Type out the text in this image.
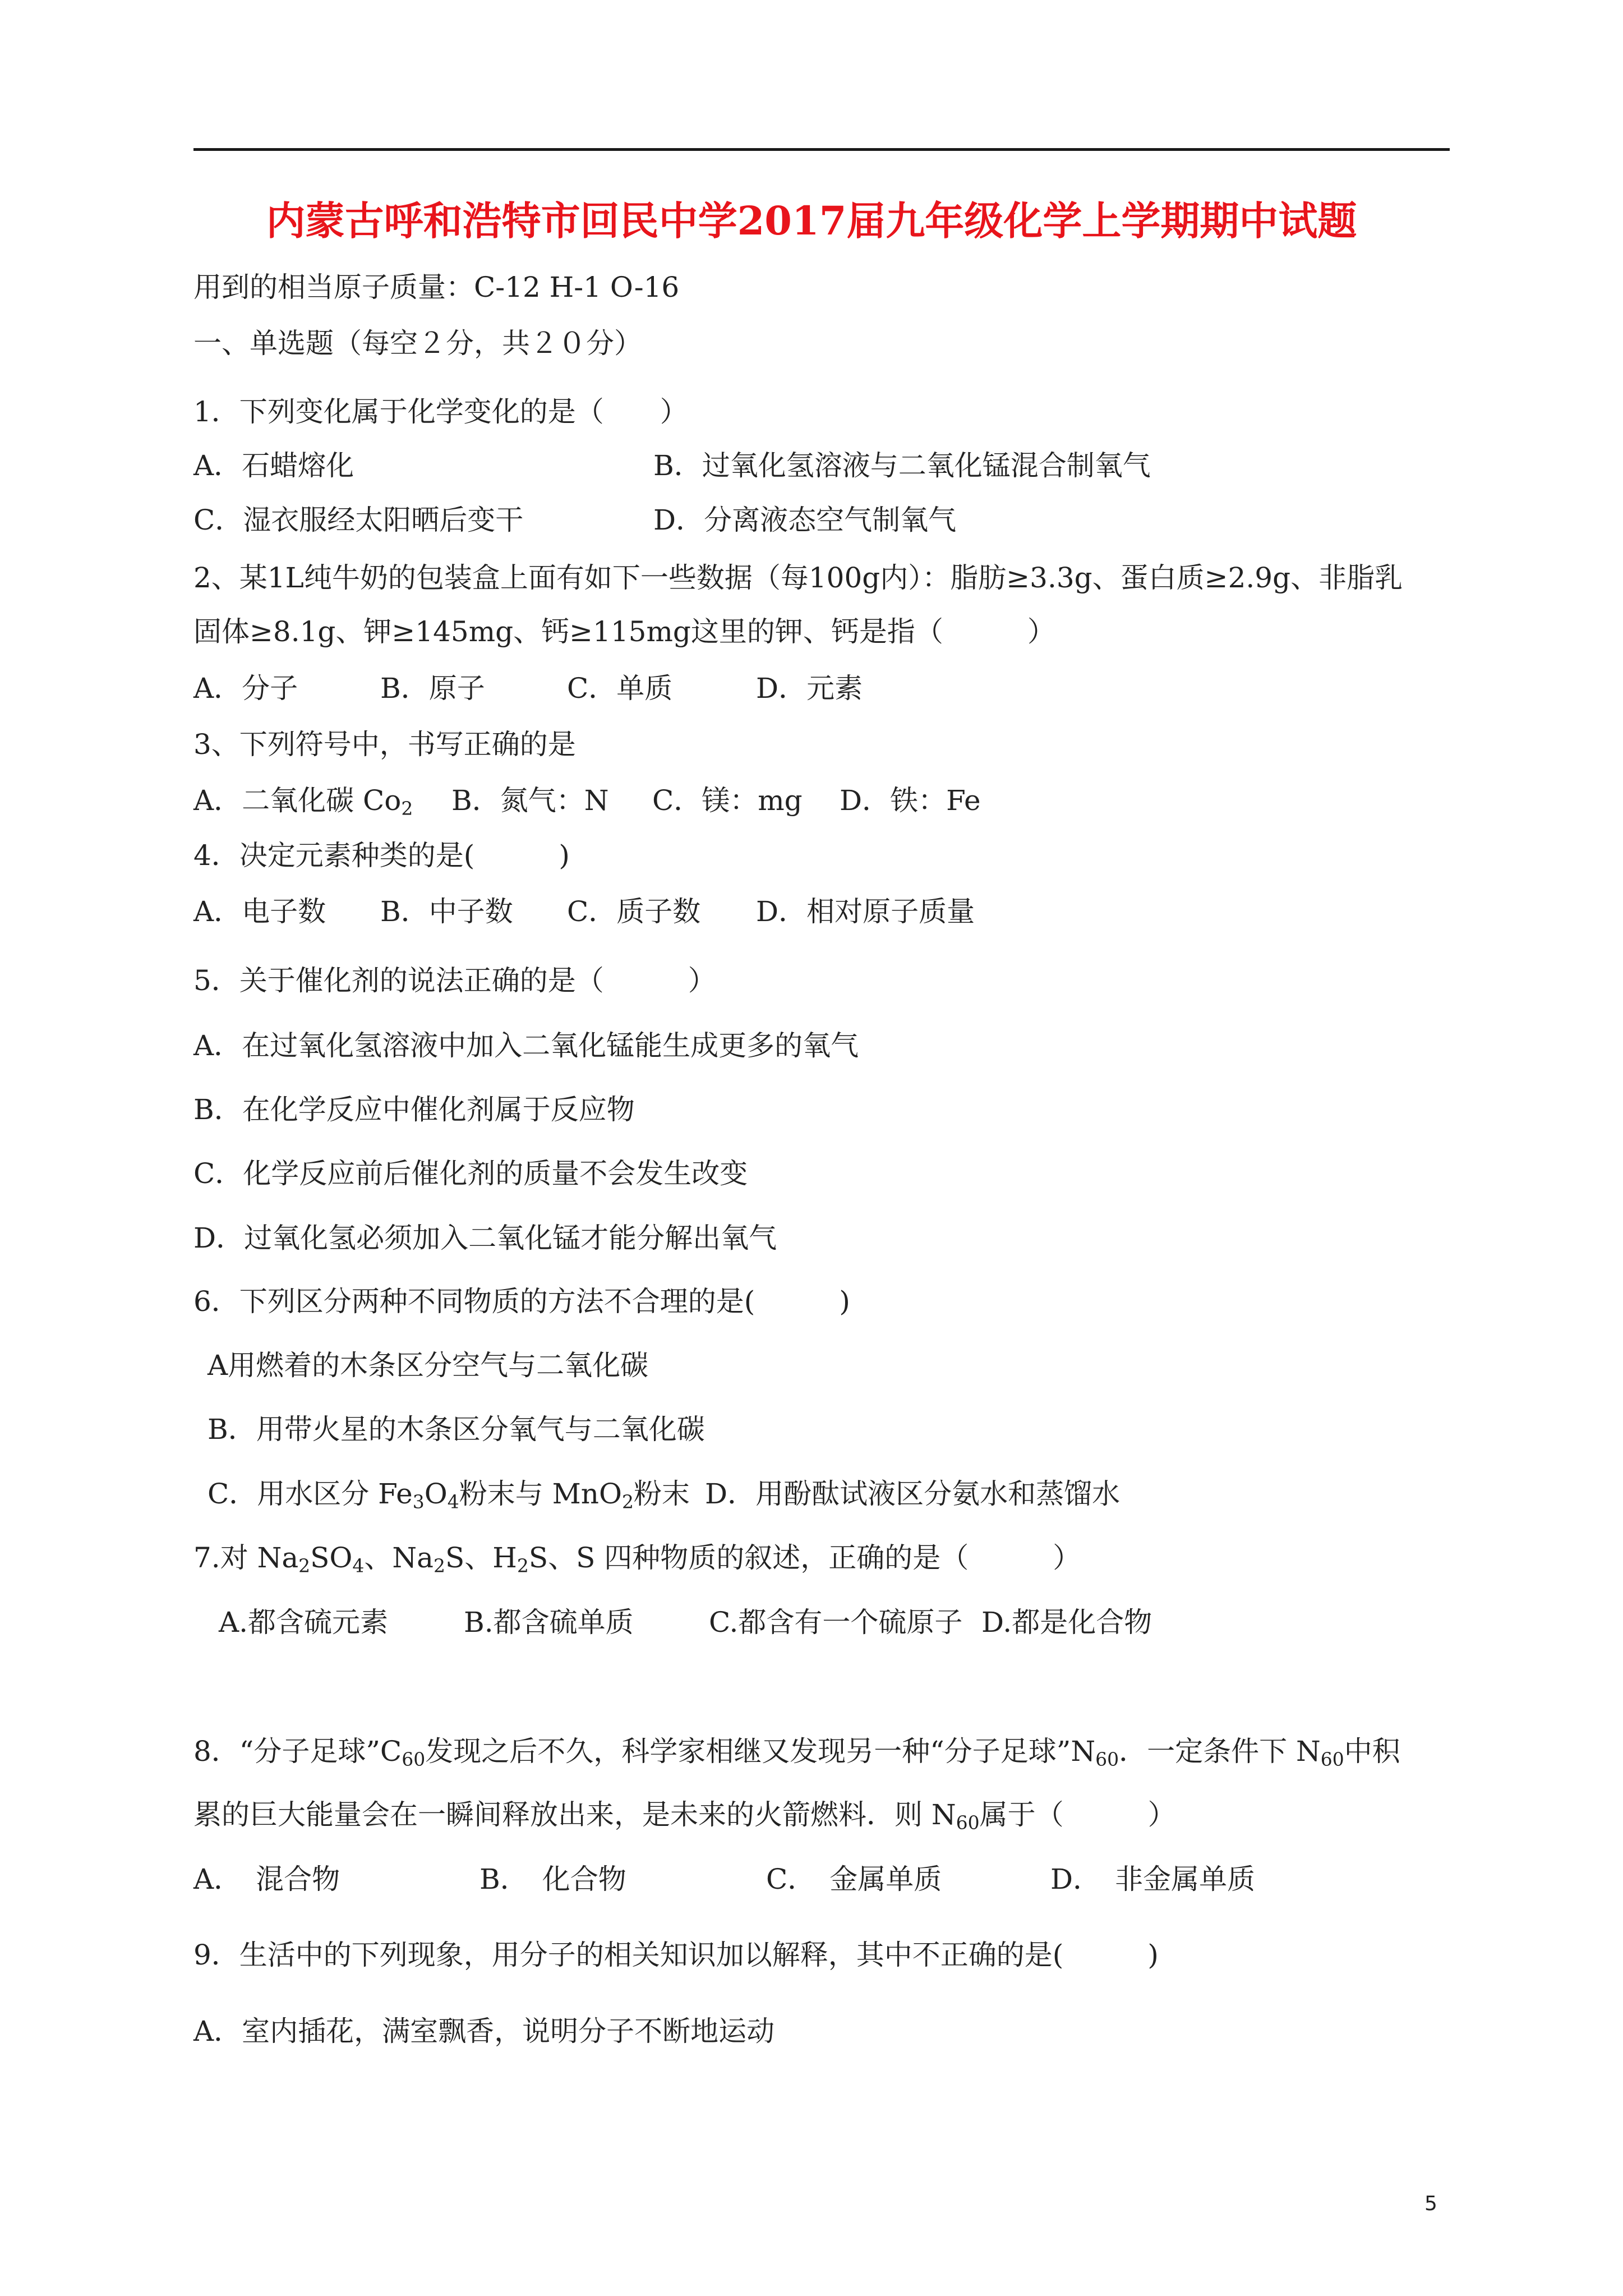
内蒙古呼和浩特市回民中学2017届九年级化学上学期期中试题
用到的相当原子质量：C-12 H-1 O-16
一、单选题（每空２分，共２０分）
1．下列变化属于化学变化的是（　　）
A．石蜡熔化	B．过氧化氢溶液与二氧化锰混合制氧气
C．湿衣服经太阳晒后变干	D．分离液态空气制氧气
2、某1L纯牛奶的包装盒上面有如下一些数据（每100g内）：脂肪≥3.3g、蛋白质≥2.9g、非脂乳
固体≥8.1g、钾≥145mg、钙≥115mg这里的钾、钙是指（　　　）
A．分子	B．原子	C．单质	D．元素
3、下列符号中，书写正确的是
A．二氧化碳 $Co_2$ B．氮气：N C．镁：mg D．铁：Fe
4．决定元素种类的是(　　　)
A．电子数 B．中子数 C．质子数 D．相对原子质量
5．关于催化剂的说法正确的是（　　　）
A．在过氧化氢溶液中加入二氧化锰能生成更多的氧气
B．在化学反应中催化剂属于反应物
C．化学反应前后催化剂的质量不会发生改变
D．过氧化氢必须加入二氧化锰才能分解出氧气
6．下列区分两种不同物质的方法不合理的是(　　　)
A用燃着的木条区分空气与二氧化碳
B．用带火星的木条区分氧气与二氧化碳
C．用水区分 $Fe_3O_4$粉末与 MnO$_2$粉末 D．用酚酞试液区分氨水和蒸馏水
7.对 $Na_2SO_4$、$Na_2S$、$H_2S$、S 四种物质的叙述，正确的是（　　　）
A.都含硫元素	B.都含硫单质	C.都含有一个硫原子 D.都是化合物
8．“分子足球$”C_{60}$发现之后不久，科学家相继又发现另一种“分子足球$”N_{60}$．一定条件下 $N_{60}$中积
累的巨大能量会在一瞬间释放出来，是未来的火箭燃料．则 $N_{60}$属于（　　　）
A．　混合物	B．　化合物	C．　金属单质	D．　非金属单质
9．生活中的下列现象，用分子的相关知识加以解释，其中不正确的是(　　　)
A．室内插花，满室飘香，说明分子不断地运动
5
